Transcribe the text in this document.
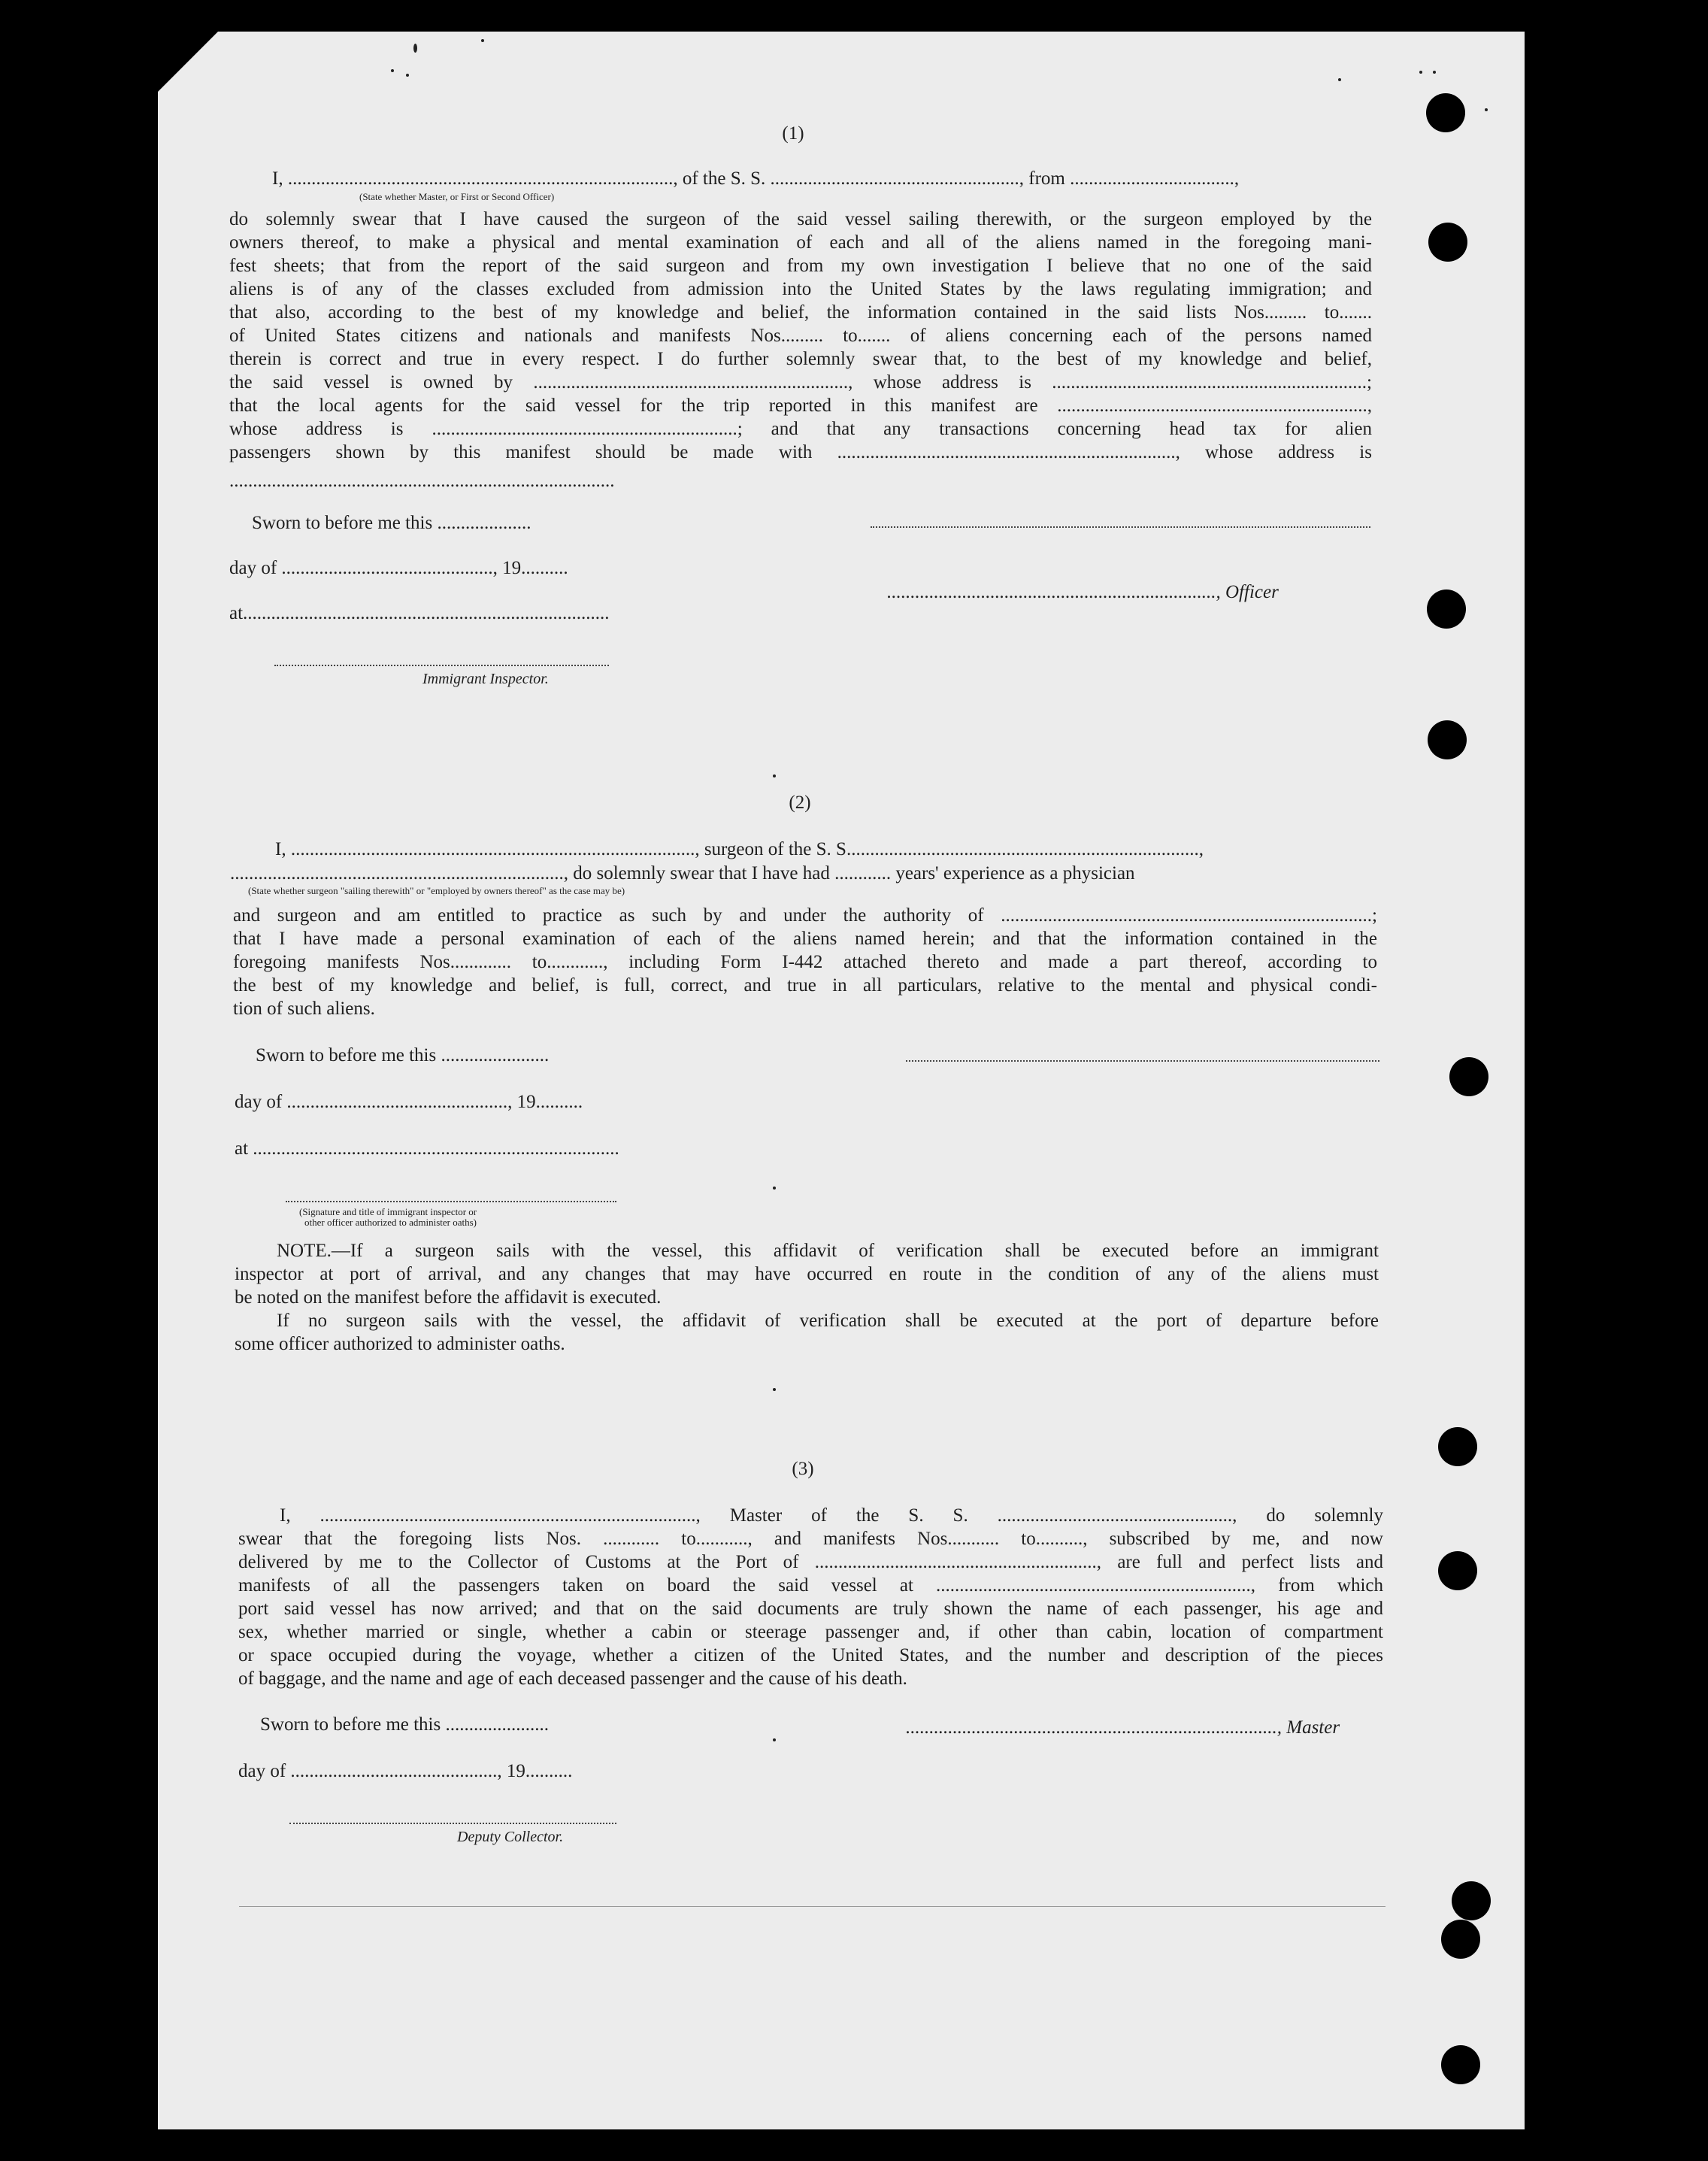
(1)
I, .................................................................................., of the S. S. ....................................................., from ...................................,
(State whether Master, or First or Second Officer)
do solemnly swear that I have caused the surgeon of the said vessel sailing therewith, or the surgeon employed by the
owners thereof, to make a physical and mental examination of each and all of the aliens named in the foregoing mani-
fest sheets; that from the report of the said surgeon and from my own investigation I believe that no one of the said
aliens is of any of the classes excluded from admission into the United States by the laws regulating immigration; and
that also, according to the best of my knowledge and belief, the information contained in the said lists Nos......... to.......
of United States citizens and nationals and manifests Nos......... to....... of aliens concerning each of the persons named
therein is correct and true in every respect. I do further solemnly swear that, to the best of my knowledge and belief,
the said vessel is owned by ..................................................................., whose address is ...................................................................;
that the local agents for the said vessel for the trip reported in this manifest are ..................................................................,
whose address is .................................................................; and that any transactions concerning head tax for alien
passengers shown by this manifest should be made with ........................................................................, whose address is
..................................................................................
Sworn to before me this ....................
day of ............................................., 19..........
at..............................................................................
Immigrant Inspector.
......................................................................, Officer
(2)
I, ......................................................................................, surgeon of the S. S...........................................................................,
......................................................................., do solemnly swear that I have had ............ years' experience as a physician
(State whether surgeon "sailing therewith" or "employed by owners thereof" as the case may be)
and surgeon and am entitled to practice as such by and under the authority of ...............................................................................;
that I have made a personal examination of each of the aliens named herein; and that the information contained in the
foregoing manifests Nos............. to............, including Form I-442 attached thereto and made a part thereof, according to
the best of my knowledge and belief, is full, correct, and true in all particulars, relative to the mental and physical condi-
tion of such aliens.
Sworn to before me this .......................
day of ..............................................., 19..........
at ..............................................................................
(Signature and title of immigrant inspector or
other officer authorized to administer oaths)
NOTE.—If a surgeon sails with the vessel, this affidavit of verification shall be executed before an immigrant
inspector at port of arrival, and any changes that may have occurred en route in the condition of any of the aliens must
be noted on the manifest before the affidavit is executed.
If no surgeon sails with the vessel, the affidavit of verification shall be executed at the port of departure before
some officer authorized to administer oaths.
(3)
I, ................................................................................, Master of the S. S. .................................................., do solemnly
swear that the foregoing lists Nos. ............ to..........., and manifests Nos........... to.........., subscribed by me, and now
delivered by me to the Collector of Customs at the Port of ............................................................, are full and perfect lists and
manifests of all the passengers taken on board the said vessel at ..................................................................., from which
port said vessel has now arrived; and that on the said documents are truly shown the name of each passenger, his age and
sex, whether married or single, whether a cabin or steerage passenger and, if other than cabin, location of compartment
or space occupied during the voyage, whether a citizen of the United States, and the number and description of the pieces
of baggage, and the name and age of each deceased passenger and the cause of his death.
Sworn to before me this ......................
day of ............................................, 19..........
Deputy Collector.
..............................................................................., Master
